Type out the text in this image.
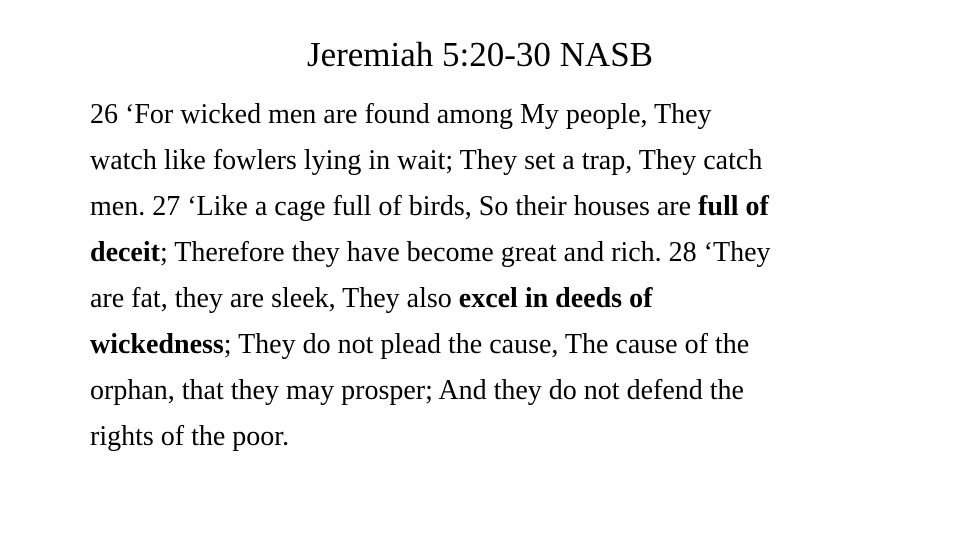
Jeremiah 5:20-30 NASB
26 ‘For wicked men are found among My people, They
watch like fowlers lying in wait; They set a trap, They catch
men. 27 ‘Like a cage full of birds, So their houses are full of
deceit; Therefore they have become great and rich. 28 ‘They
are fat, they are sleek, They also excel in deeds of
wickedness; They do not plead the cause, The cause of the
orphan, that they may prosper; And they do not defend the
rights of the poor.
